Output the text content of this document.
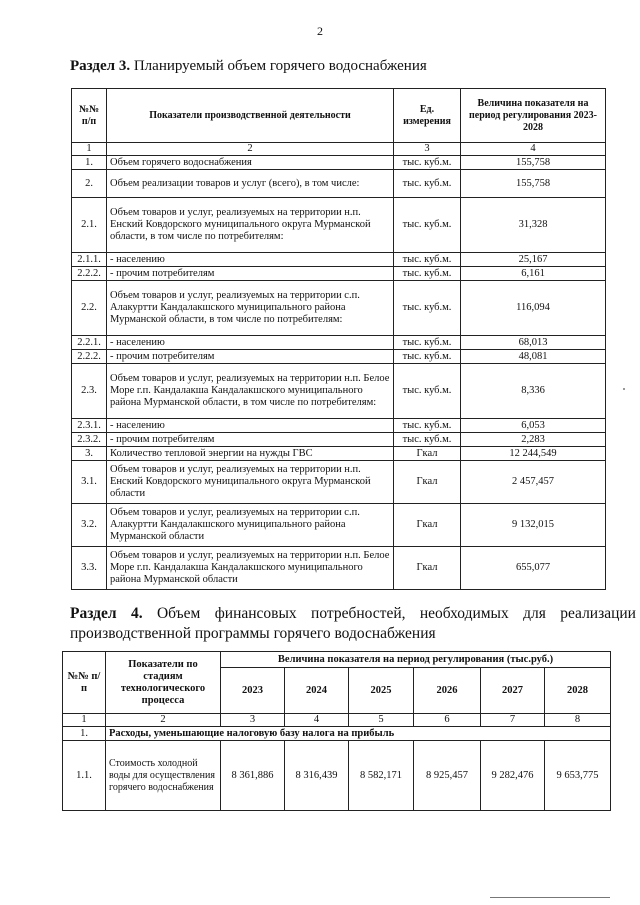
2
Раздел 3. Планируемый объем горячего водоснабжения
№№ п/п	Показатели производственной деятельности	Ед. измерения	Величина показателя на период регулирования 2023-2028
1	2	3	4
1.	Объем горячего водоснабжения	тыс. куб.м.	155,758
2.	Объем реализации товаров и услуг (всего), в том числе:	тыс. куб.м.	155,758
2.1.	Объем товаров и услуг, реализуемых на территории н.п. Енский Ковдорского муниципального округа Мурманской области, в том числе по потребителям:	тыс. куб.м.	31,328
2.1.1.	- населению	тыс. куб.м.	25,167
2.2.2.	- прочим потребителям	тыс. куб.м.	6,161
2.2.	Объем товаров и услуг, реализуемых на территории с.п. Алакуртти Кандалакшского муниципального района Мурманской области, в том числе по потребителям:	тыс. куб.м.	116,094
2.2.1.	- населению	тыс. куб.м.	68,013
2.2.2.	- прочим потребителям	тыс. куб.м.	48,081
2.3.	Объем товаров и услуг, реализуемых на территории н.п. Белое Море г.п. Кандалакша Кандалакшского муниципального района Мурманской области, в том числе по потребителям:	тыс. куб.м.	8,336
2.3.1.	- населению	тыс. куб.м.	6,053
2.3.2.	- прочим потребителям	тыс. куб.м.	2,283
3.	Количество тепловой энергии на нужды ГВС	Гкал	12 244,549
3.1.	Объем товаров и услуг, реализуемых на территории н.п. Енский Ковдорского муниципального округа Мурманской области	Гкал	2 457,457
3.2.	Объем товаров и услуг, реализуемых на территории с.п. Алакуртти Кандалакшского муниципального района Мурманской области	Гкал	9 132,015
3.3.	Объем товаров и услуг, реализуемых на территории н.п. Белое Море г.п. Кандалакша Кандалакшского муниципального района Мурманской области	Гкал	655,077
Раздел 4. Объем финансовых потребностей, необходимых для реализации
производственной программы горячего водоснабжения
№№ п/п	Показатели по стадиям технологического процесса	Величина показателя на период регулирования (тыс.руб.)					
		2023	2024	2025	2026	2027	2028
1	2	3	4	5	6	7	8
1.	Расходы, уменьшающие налоговую базу налога на прибыль						
1.1.	Стоимость холодной воды для осуществления горячего водоснабжения	8 361,886	8 316,439	8 582,171	8 925,457	9 282,476	9 653,775
